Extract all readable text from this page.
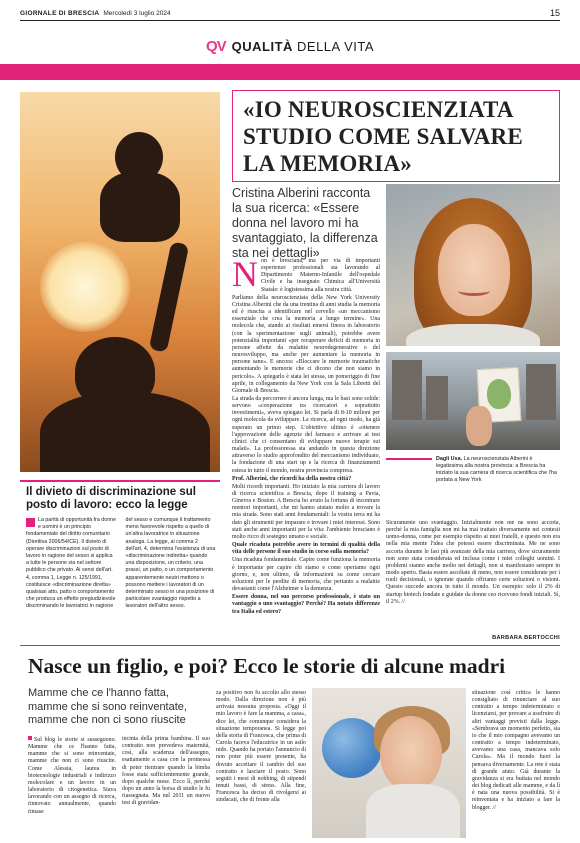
GIORNALE DI BRESCIA Mercoledì 3 luglio 2024	15
QV QUALITÀ DELLA VITA
Il divieto di discriminazione sul posto di lavoro: ecco la legge
La parità di opportunità fra donne e uomini è un principio fondamentale del diritto comunitario (Direttiva 2006/54/CE). Il divieto di operare discriminazioni sul posto di lavoro in ragione del sesso si applica a tutte le persone sia nel settore pubblico che privato. Ai sensi dell'art. 4, comma 1, Legge n. 125/1991, costituisce «discriminazione diretta» qualsiasi atto, patto o comportamento che produca un effetto pregiudizievole discriminando le lavoratrici in ragione del sesso e comunque il trattamento meno favorevole rispetto a quello di un'altra lavoratrice in situazione analoga. La legge, al comma 2 dell'art. 4, determina l'esistenza di una «discriminazione indiretta» quando una disposizione, un criterio, una prassi, un patto, o un comportamento apparentemente neutri mettono o possono mettere i lavoratori di un determinato sesso in una posizione di particolare svantaggio rispetto a lavoratori dell'altro sesso.
«IO NEUROSCIENZIATA STUDIO COME SALVARE LA MEMORIA»
Cristina Alberini racconta la sua ricerca: «Essere donna nel lavoro mi ha svantaggiato, la differenza sta nei dettagli»
Dagli Usa. La neuroscienziata Alberini è legatissima alla nostra provincia: a Brescia ha iniziato la sua carriera di ricerca scientifica che l'ha portata a New York

Non è bresciana, ma per via di importanti esperienze professionali sta lavorando al Dipartimento Materno-Infantile dell'ospedale Civile e ha insegnato Chimica all'Università Statale: è logistessima alla nostra città.

Parliamo della neuroscienziata della New York University Cristina Alberini che da una trentina di anni studia la memoria ed è riuscita a identificare nel cervello «un meccanismo essenziale che crea la memoria a lungo termine». Una molecola che, stando ai risultati emersi finora in laboratorio (con la sperimentazione sugli animali), potrebbe avere potenzialità importanti «per recuperare deficit di memoria in persone affette da malattie neurodegenerative o del neurosviluppo, ma anche per aumentare la memoria in persone sane». E ancora: «Bloccare le memorie traumatiche aumentando le memorie che ci dicono che non siamo in pericolo». A spiegarlo è stata lei stessa, un pomeriggio di fine aprile, in collegamento da New York con la Sala Libretti del Giornale di Brescia.

La strada da percorrere è ancora lunga, ma le basi sono solide: servono «cooperazione tra ricercatori e soprattutto investimenti», aveva spiegato lei. Si parla di 8-10 milioni per ogni molecola da sviluppare. La ricerca, ad ogni modo, ha già superato un primo step. L'obiettivo ultimo è «ottenere l'approvazione delle agenzie del farmaco e arrivare ai test clinici che ci consentano di sviluppare nuove terapie sui malati». La professoressa sta andando in questa direzione attraverso lo studio approfondito del meccanismo individuato, la fondazione di una start up e la ricerca di finanziamenti estesa in tutto il mondo, nostra provincia compresa.

Prof. Alberini, che ricordi ha della nostra città?

Molti ricordi importanti. Ho iniziato la mia carriera di lavoro di ricerca scientifica a Brescia, dopo il training a Pavia, Ginevra e Boston. A Brescia ho avuto la fortuna di incontrare mentori importanti, che mi hanno aiutato molto a trovare la mia strada. Sono stati anni fondamentali: la vostra terra mi ha dato gli strumenti per imparare e trovare i miei interessi. Sono stati anche anni importanti per la vita: l'ambiente bresciano è molto ricco di sostegno umano e sociale.

Quale ricaduta potrebbe avere in termini di qualità della vita delle persone il suo studio in corso sulla memoria?

Una ricaduta fondamentale. Capire come funziona la memoria è importante per capire chi siamo e come operiamo ogni giorno, e, non ultimo, dà informazioni su come cercare soluzioni per le perdite di memoria, che pertanto a malattie devastanti come l'Alzheimer e la demenza.

Essere donna, nel suo percorso professionale, è stato un vantaggio o uno svantaggio? Perché? Ha notato differenze tra Italia ed estero?

Sicuramente uno svantaggio. Inizialmente non me ne sono accorta, perché la mia famiglia non mi ha mai trattato diversamente nei contesti uomo-donna, come per esempio rispetto ai miei fratelli, e questo non era nella mia mente l'idea che potessi essere discriminata. Me ne sono accorta durante le fasi più avanzate della mia carriera, dove sicuramente non sono stata considerata ed inclusa come i miei colleghi uomini. I problemi stanno anche molto nei dettagli, non si manifestano sempre in modo aperto. Basta essere ascoltate di meno, non essere considerate per i ruoli decisionali, o ignorate quando offriamo certe soluzioni o visioni. Questo succede ancora in tutto il mondo. Un esempio: solo il 2% di startup biotech fondate e guidate da donne ceo ricevono fondi iniziali. Sì, il 2%. //

BARBARA BERTOCCHI
Nasce un figlio, e poi? Ecco le storie di alcune madri
Mamme che ce l'hanno fatta, mamme che si sono reinventate, mamme che non ci sono riuscite
Sul blog le storie si susseguono. Mamme che ce l'hanno fatta, mamme che si sono reinventate, mamme che non ci sono riuscite. Come Alessia, laurea in biotecnologie industriali e indirizzo molecolare e un lavoro in un laboratorio di citogenetica. Stava lavorando con un assegno di ricerca, rinnovato annualmente, quando rimase
incinta della prima bambina. Il suo contratto non prevedeva maternità, così, alla scadenza dell'assegno, esattamente a casa con la promessa di poter rientrare quando la bimba fosse stata sufficientemente grande, dopo qualche mese. Ecco lì, perché dopo un anno la borsa di studio le fu riassegnata. Ma nel 2011 un nuovo test di gravidan-
za positivo non fu accolto allo stesso modo. Dalla direzione non è più arrivata nessuna proposta. «Oggi il mio lavoro è fare la mamma, a casa», dice lei, che comunque considera la situazione temporanea. Si legge poi della storia di Francesca, che prima di Carola faceva l'educatrice in un asilo nido. Quando ha portato l'annuncio di non poter più essere presente, ha dovuto accettare il cambio del suo contratto e lasciare il posto. Sono seguiti i mesi di nobbing, di stipendi tenuti bassi, di stress. Alla fine, Francesca ha deciso di rivolgersi ai sindacati, che di fronte alla
situazione così critica le hanno consigliato di rinunciare al suo contratto a tempo indeterminato e licenziarsi, per provare a usufruire di altri vantaggi previsti dalla legge. «Sembrava un momento perfetto, sia io che il mio compagno avevamo un contratto a tempo indeterminato, avevamo una casa, mancava solo Carola». Ma il mondo fuori la pensava diversamente. La rete è stata di grande aiuto. Già durante la gravidanza si era buttata nel mondo dei blog dedicati alle mamme, e da lì è nata una nuova possibilità. Si è reinventata e ha iniziato a fare la blogger. //
